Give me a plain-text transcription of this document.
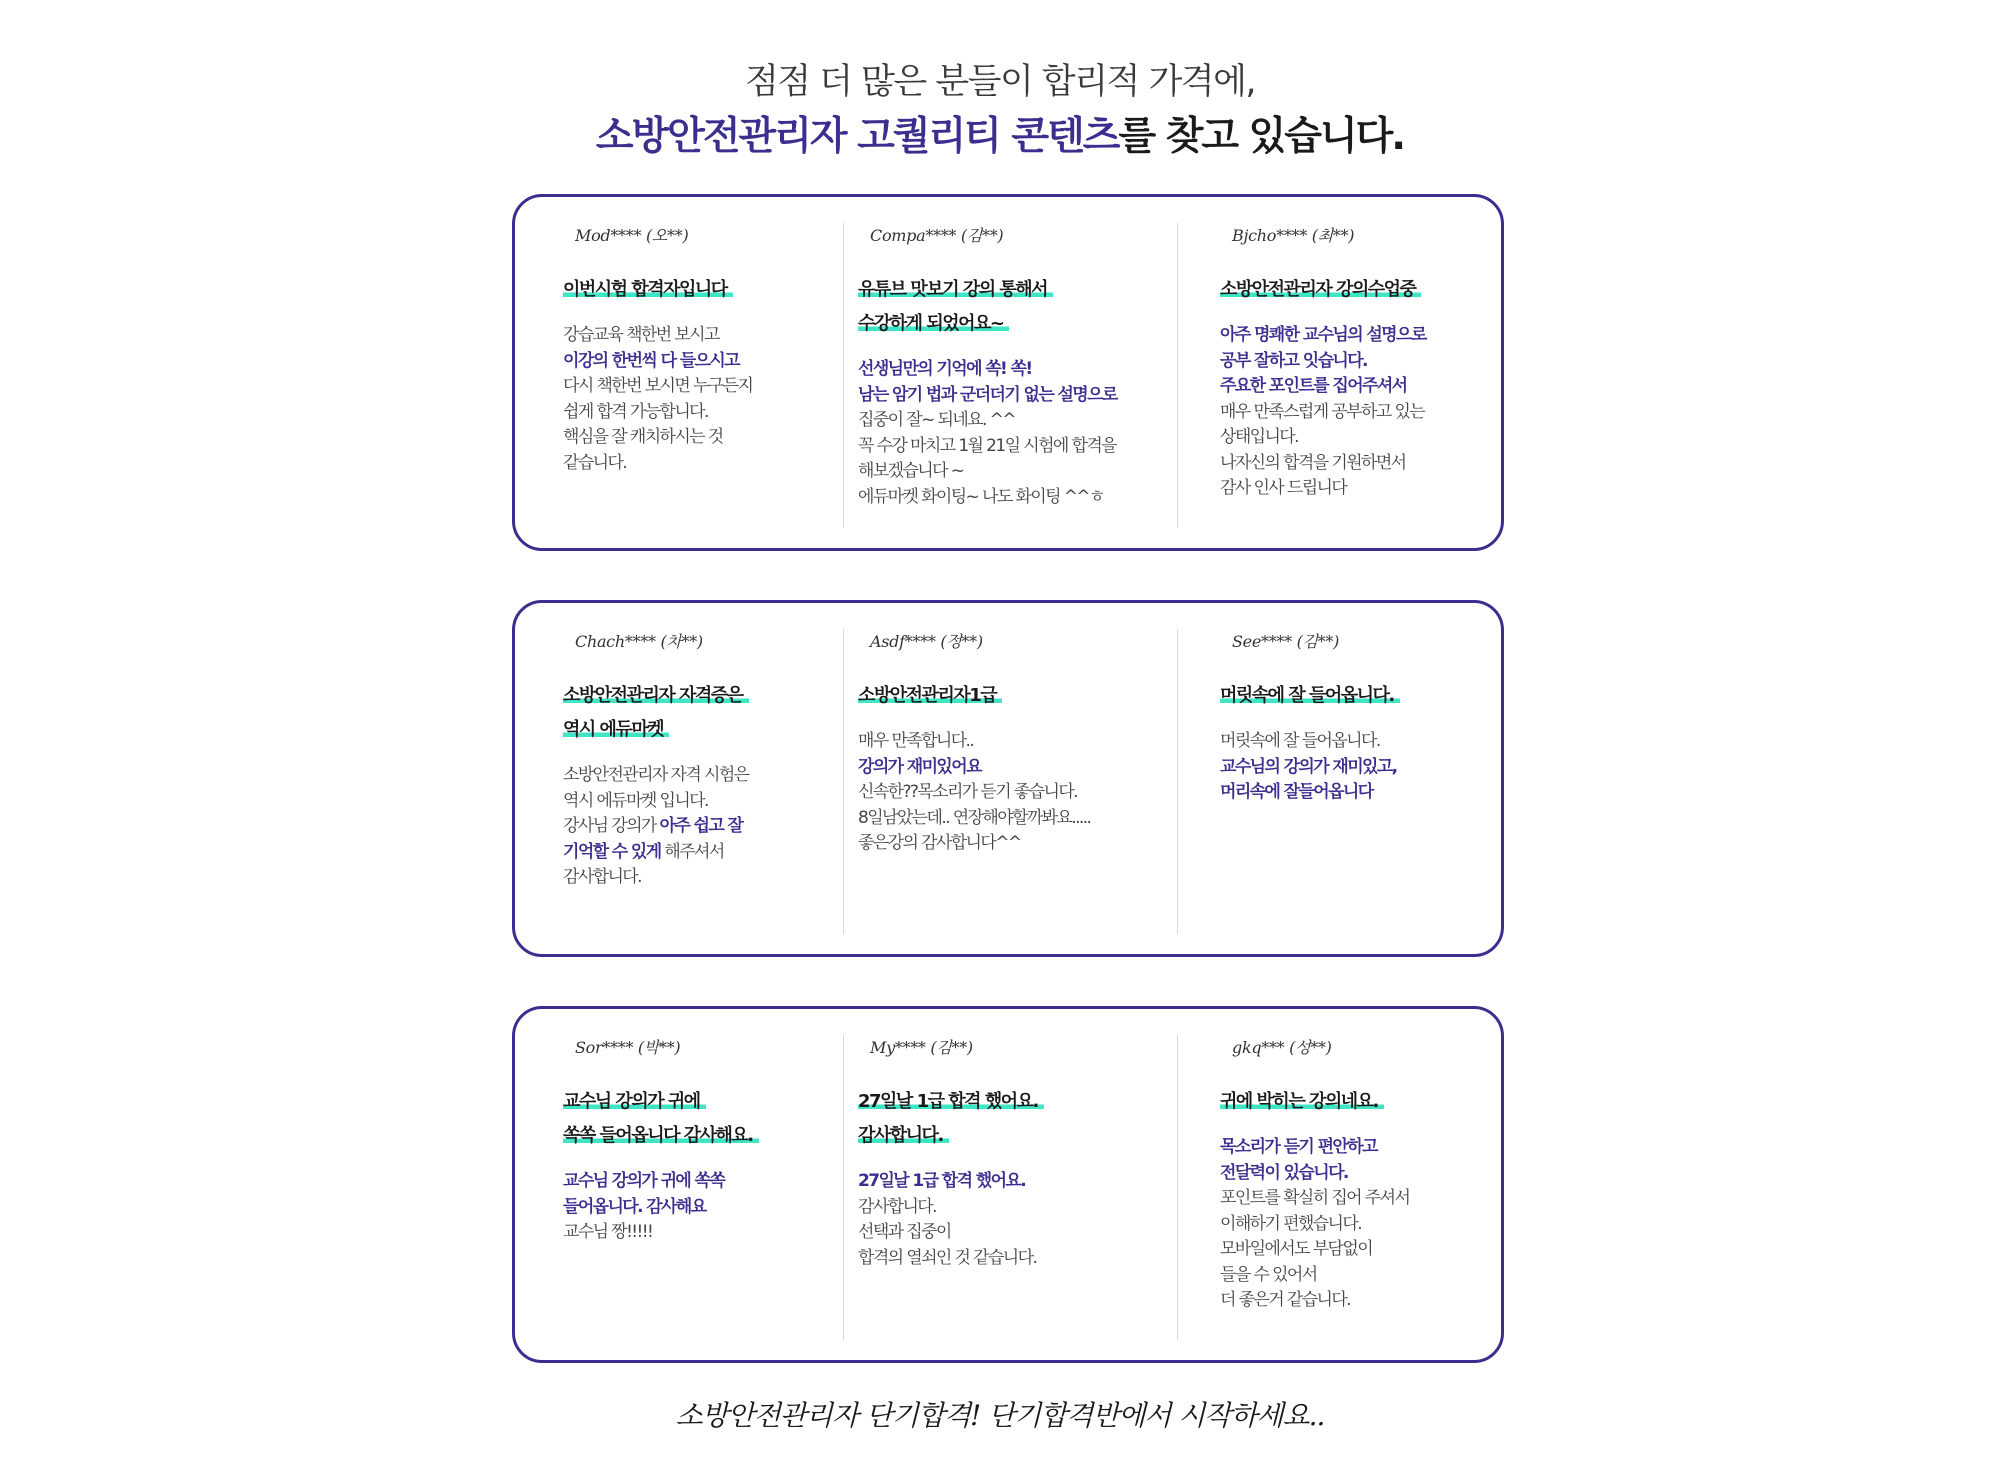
점점 더 많은 분들이 합리적 가격에,
소방안전관리자 고퀄리티 콘텐츠를 찾고 있습니다.
Mod**** (오**)
이번시험 합격자입니다
강습교육 책한번 보시고
이강의 한번씩 다 들으시고
다시 책한번 보시면 누구든지
쉽게 합격 가능합니다.
핵심을 잘 캐치하시는 것
같습니다.
Compa**** (김**)
유튜브 맛보기 강의 통해서
수강하게 되었어요~
선생님만의 기억에 쏙! 쏙!
남는 암기 법과 군더더기 없는 설명으로
집중이 잘~ 되네요. ^^
꼭 수강 마치고 1월 21일 시험에 합격을
해보겠습니다 ~
에듀마켓 화이팅~ 나도 화이팅 ^^ㅎ
Bjcho**** (최**)
소방안전관리자 강의수업중
아주 명쾌한 교수님의 설명으로
공부 잘하고 잇습니다.
주요한 포인트를 집어주셔서
매우 만족스럽게 공부하고 있는
상태입니다.
나자신의 합격을 기원하면서
감사 인사 드립니다
Chach**** (차**)
소방안전관리자 자격증은
역시 에듀마켓
소방안전관리자 자격 시험은
역시 에듀마켓 입니다.
강사님 강의가 아주 쉽고 잘
기억할 수 있게 해주셔서
감사합니다.
Asdf**** (정**)
소방안전관리자1급
매우 만족합니다..
강의가 재미있어요
신속한??목소리가 듣기 좋습니다.
8일남았는데.. 연장해야할까봐요.....
좋은강의 감사합니다^^
See**** (김**)
머릿속에 잘 들어옵니다.
머릿속에 잘 들어옵니다.
교수님의 강의가 재미있고,
머리속에 잘들어옵니다
Sor**** (박**)
교수님 강의가 귀에
쏙쏙 들어옵니다 감사해요.
교수님 강의가 귀에 쏙쏙
들어옵니다. 감사해요
교수님 짱!!!!!
My**** (김**)
27일날 1급 합격 했어요.
감사합니다.
27일날 1급 합격 했어요.
감사합니다.
선택과 집중이
합격의 열쇠인 것 같습니다.
gkq*** (성**)
귀에 박히는 강의네요.
목소리가 듣기 편안하고
전달력이 있습니다.
포인트를 확실히 집어 주셔서
이해하기 편했습니다.
모바일에서도 부담없이
들을 수 있어서
더 좋은거 같습니다.
소방안전관리자 단기합격! 단기합격반에서 시작하세요..
